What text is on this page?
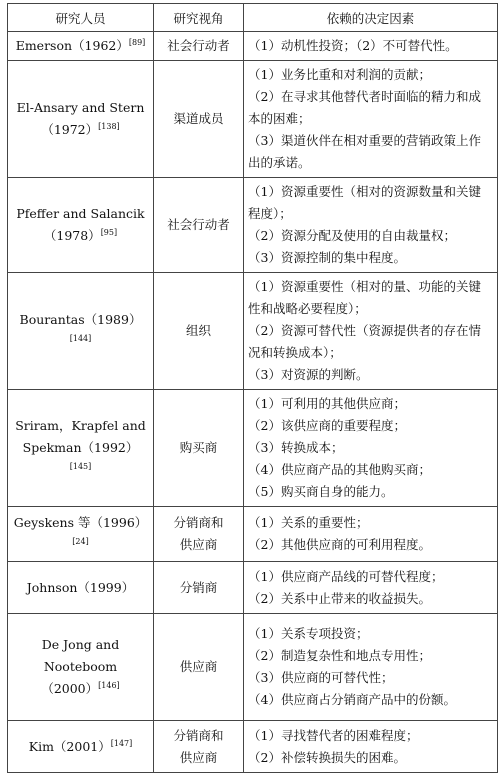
研究人员	研究视角	依赖的决定因素

Emerson（1962）[89]	社会行动者	（1）动机性投资；（2）不可替代性。

El-Ansary and Stern
（1972）[138]	渠道成员	（1）业务比重和对利润的贡献；
（2）在寻求其他替代者时面临的精力和成本的困难；
（3）渠道伙伴在相对重要的营销政策上作出的承诺。

Pfeffer and Salancik
（1978）[95]	社会行动者	（1）资源重要性（相对的资源数量和关键程度）；
（2）资源分配及使用的自由裁量权；
（3）资源控制的集中程度。

Bourantas（1989）[144]	组织	（1）资源重要性（相对的量、功能的关键性和战略必要程度）；
（2）资源可替代性（资源提供者的存在情况和转换成本）；
（3）对资源的判断。

Sriram，Krapfel and
Spekman（1992）[145]	购买商	（1）可利用的其他供应商；
（2）该供应商的重要程度；
（3）转换成本；
（4）供应商产品的其他购买商；
（5）购买商自身的能力。

Geyskens 等（1996）[24]	分销商和
供应商	（1）关系的重要性；
（2）其他供应商的可利用程度。

Johnson（1999）	分销商	（1）供应商产品线的可替代程度；
（2）关系中止带来的收益损失。

De Jong and Nooteboom
（2000）[146]	供应商	（1）关系专项投资；
（2）制造复杂性和地点专用性；
（3）供应商的可替代性；
（4）供应商占分销商产品中的份额。

Kim（2001）[147]	分销商和
供应商	（1）寻找替代者的困难程度；
（2）补偿转换损失的困难。
